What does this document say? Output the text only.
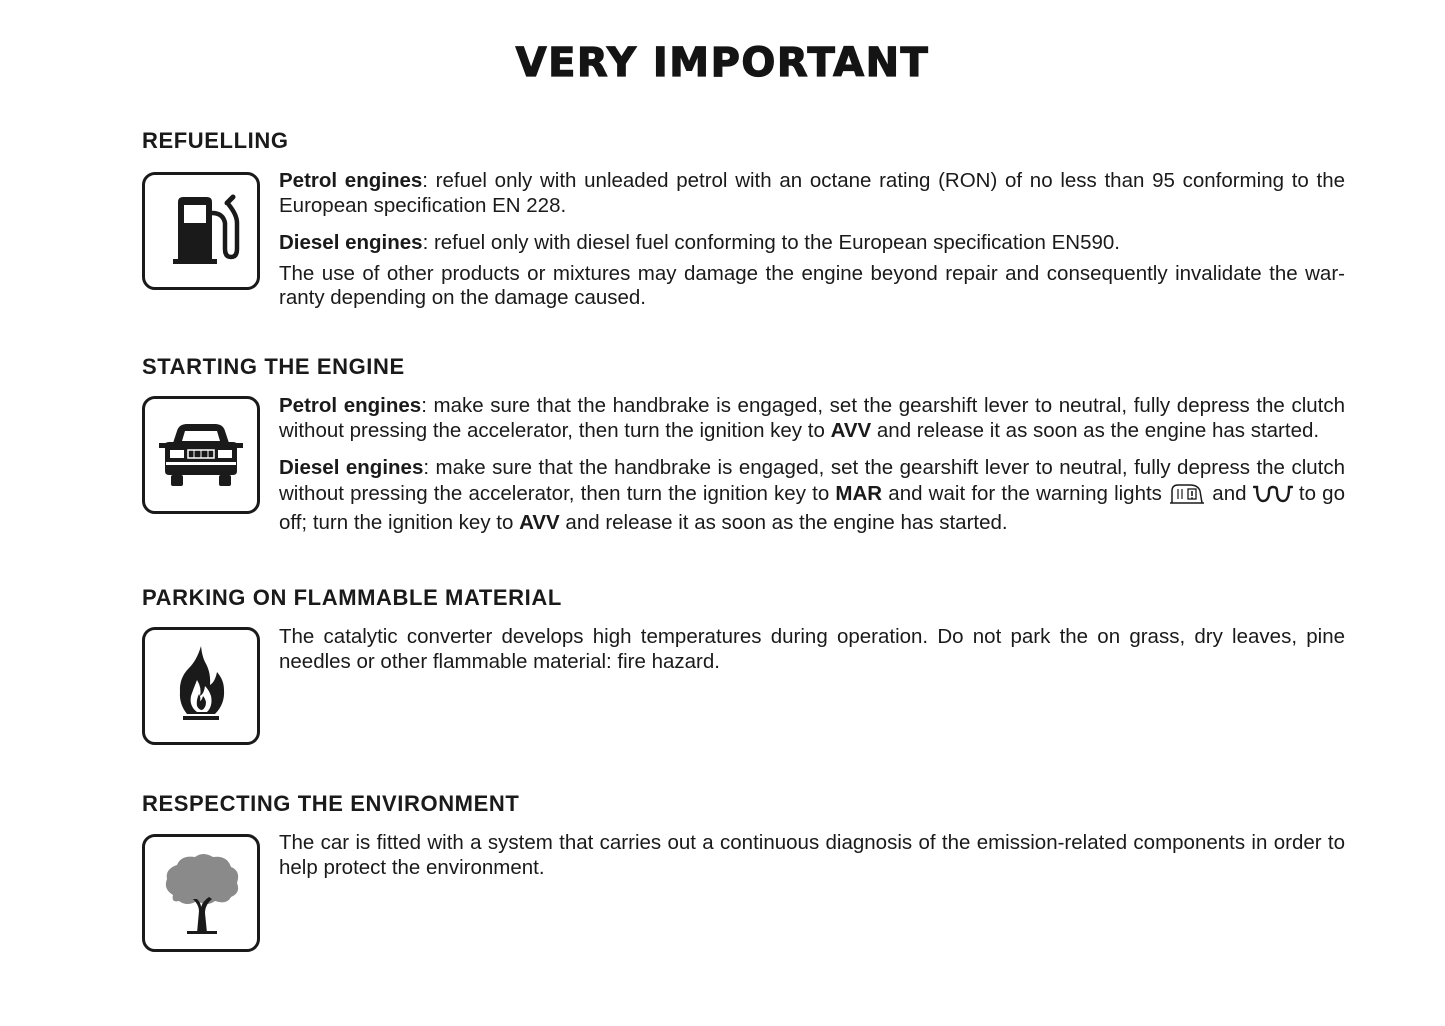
VERY IMPORTANT
REFUELLING

Petrol engines: refuel only with unleaded petrol with an octane rating (RON) of no less than 95 conforming to the European specification EN 228.

Diesel engines: refuel only with diesel fuel conforming to the European specification EN590.

The use of other products or mixtures may damage the engine beyond repair and consequently invalidate the war-ranty depending on the damage caused.

STARTING THE ENGINE

Petrol engines: make sure that the handbrake is engaged, set the gearshift lever to neutral, fully depress the clutch without pressing the accelerator, then turn the ignition key to AVV and release it as soon as the engine has started.

Diesel engines: make sure that the handbrake is engaged, set the gearshift lever to neutral, fully depress the clutch without pressing the accelerator, then turn the ignition key to MAR and wait for the warning lights  and  to go off; turn the ignition key to AVV and release it as soon as the engine has started.

PARKING ON FLAMMABLE MATERIAL

The catalytic converter develops high temperatures during operation. Do not park the on grass, dry leaves, pine needles or other flammable material: fire hazard.

RESPECTING THE ENVIRONMENT

The car is fitted with a system that carries out a continuous diagnosis of the emission-related components in order to help protect the environment.
